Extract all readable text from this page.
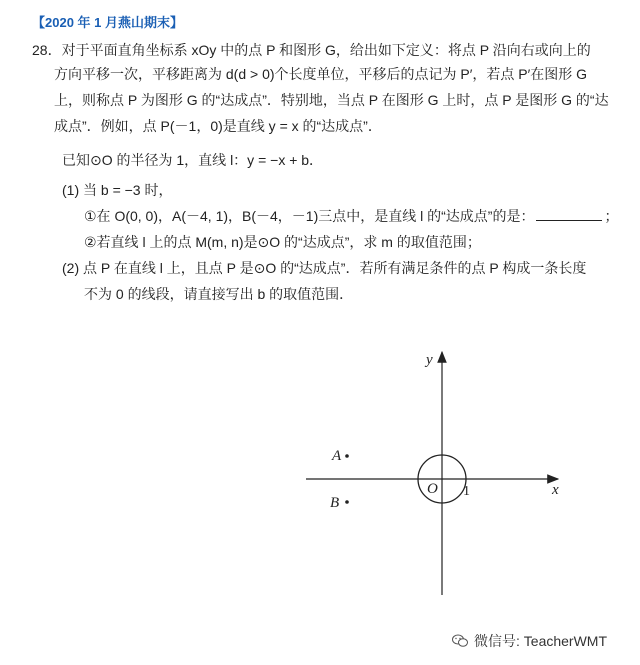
【2020 年 1 月燕山期末】
28．对于平面直角坐标系 xOy 中的点 P 和图形 G，给出如下定义：将点 P 沿向右或向上的
方向平移一次，平移距离为 d(d > 0)个长度单位，平移后的点记为 P′，若点 P′在图形 G
上，则称点 P 为图形 G 的“达成点”．特别地，当点 P 在图形 G 上时，点 P 是图形 G 的“达
成点”．例如，点 P(－1，0)是直线 y = x 的“达成点”．
已知⊙O 的半径为 1，直线 l：y = −x + b．
(1) 当 b = −3 时，
①在 O(0, 0)，A(－4, 1)，B(－4，－1)三点中，是直线 l 的“达成点”的是：	；
②若直线 l 上的点 M(m, n)是⊙O 的“达成点”，求 m 的取值范围；
(2) 点 P 在直线 l 上，且点 P 是⊙O 的“达成点”．若所有满足条件的点 P 构成一条长度
不为 0 的线段，请直接写出 b 的取值范围．
x
y
O 1
A
B
微信号: TeacherWMT
